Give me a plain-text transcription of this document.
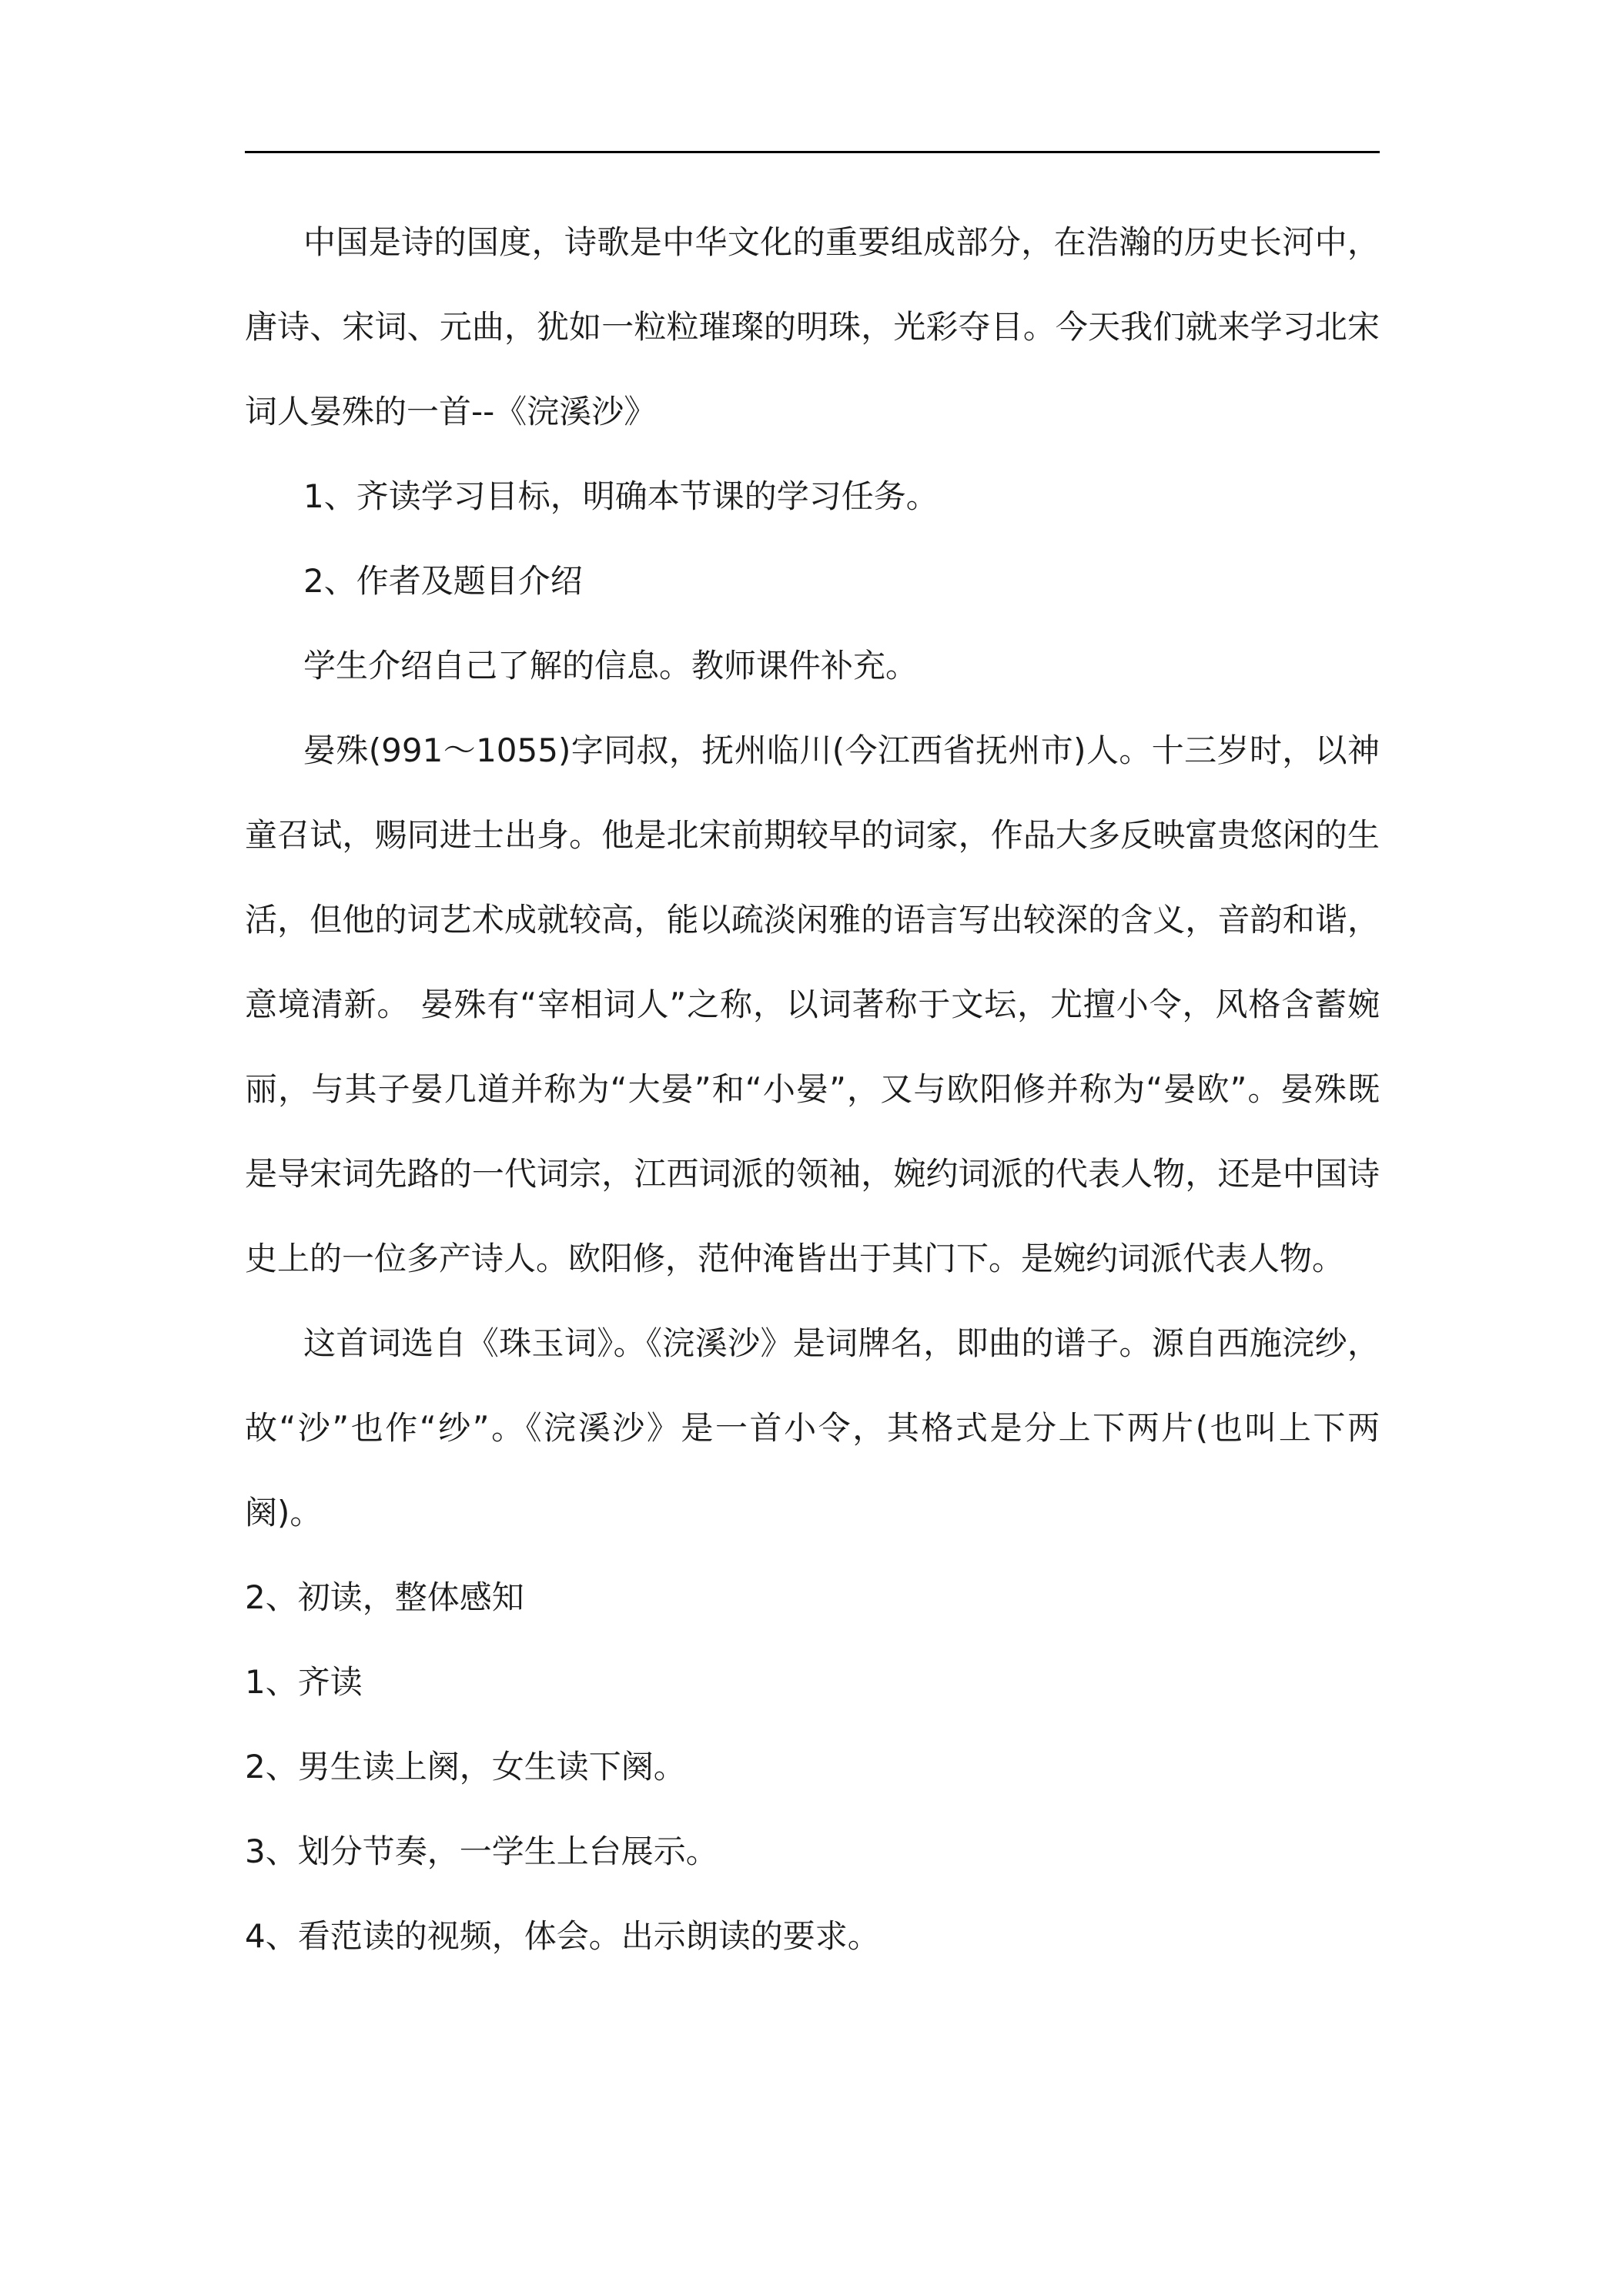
中国是诗的国度，诗歌是中华文化的重要组成部分，在浩瀚的历史长河中，唐诗、宋词、元曲，犹如一粒粒璀璨的明珠，光彩夺目。今天我们就来学习北宋词人晏殊的一首--《浣溪沙》

1、齐读学习目标，明确本节课的学习任务。

2、作者及题目介绍

学生介绍自己了解的信息。教师课件补充。

晏殊(991～1055)字同叔，抚州临川(今江西省抚州市)人。十三岁时，以神童召试，赐同进士出身。他是北宋前期较早的词家，作品大多反映富贵悠闲的生活，但他的词艺术成就较高，能以疏淡闲雅的语言写出较深的含义，音韵和谐，意境清新。 晏殊有“宰相词人”之称，以词著称于文坛，尤擅小令，风格含蓄婉丽，与其子晏几道并称为“大晏”和“小晏”，又与欧阳修并称为“晏欧”。晏殊既是导宋词先路的一代词宗，江西词派的领袖，婉约词派的代表人物，还是中国诗史上的一位多产诗人。欧阳修，范仲淹皆出于其门下。是婉约词派代表人物。

这首词选自《珠玉词》。《浣溪沙》是词牌名，即曲的谱子。源自西施浣纱，故“沙”也作“纱”。《浣溪沙》是一首小令，其格式是分上下两片(也叫上下两阕)。

2、初读，整体感知

1、齐读

2、男生读上阕，女生读下阕。

3、划分节奏，一学生上台展示。

4、看范读的视频，体会。出示朗读的要求。
